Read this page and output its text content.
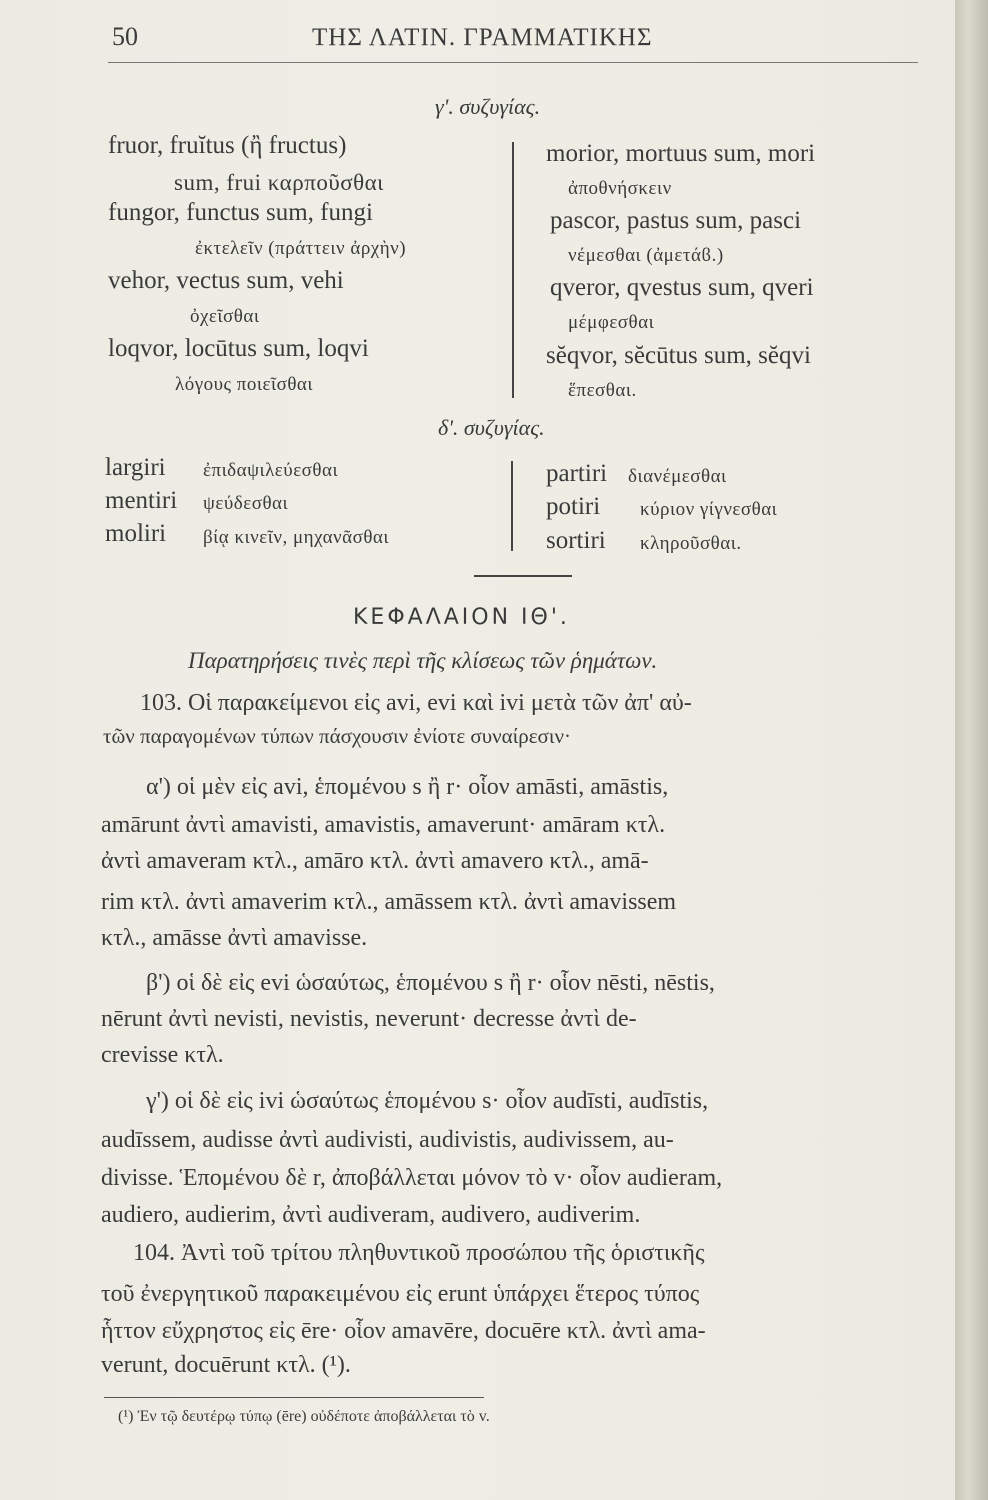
50	ΤΗΣ ΛΑΤΙΝ. ΓΡΑΜΜΑΤΙΚΗΣ
γ'. συζυγίας.
fruor, fruĭtus (ἢ fructus)
sum, frui καρποῦσθαι
fungor, functus sum, fungi
ἐκτελεῖν (πράττειν ἀρχὴν)
vehor, vectus sum, vehi
ὀχεῖσθαι
loqvor, locūtus sum, loqvi
λόγους ποιεῖσθαι
morior, mortuus sum, mori
ἀποθνήσκειν
pascor, pastus sum, pasci
νέμεσθαι (ἀμετάϐ.)
qveror, qvestus sum, qveri
μέμφεσθαι
sĕqvor, sĕcūtus sum, sĕqvi
ἕπεσθαι.
δ'. συζυγίας.
largiri ἐπιδαψιλεύεσθαι
mentiri ψεύδεσθαι
moliri βίᾳ κινεῖν, μηχανᾶσθαι
partiri διανέμεσθαι
potiri κύριον γίγνεσθαι
sortiri κληροῦσθαι.
ΚΕΦΑΛΑΙΟΝ ΙΘ'.
Παρατηρήσεις τινὲς περὶ τῆς κλίσεως τῶν ῥημάτων.
103. Οἱ παρακείμενοι εἰς avi, evi καὶ ivi μετὰ τῶν ἀπ' αὐ-
τῶν παραγομένων τύπων πάσχουσιν ἐνίοτε συναίρεσιν·
α') οἱ μὲν εἰς avi, ἑπομένου s ἢ r· οἷον amāsti, amāstis,
amārunt ἀντὶ amavisti, amavistis, amaverunt· amāram κτλ.
ἀντὶ amaveram κτλ., amāro κτλ. ἀντὶ amavero κτλ., amā-
rim κτλ. ἀντὶ amaverim κτλ., amāssem κτλ. ἀντὶ amavissem
κτλ., amāsse ἀντὶ amavisse.
β') οἱ δὲ εἰς evi ὡσαύτως, ἑπομένου s ἢ r· οἷον nēsti, nēstis,
nērunt ἀντὶ nevisti, nevistis, neverunt· decresse ἀντὶ de-
crevisse κτλ.
γ') οἱ δὲ εἰς ivi ὡσαύτως ἑπομένου s· οἷον audīsti, audīstis,
audīssem, audisse ἀντὶ audivisti, audivistis, audivissem, au-
divisse. Ἑπομένου δὲ r, ἀποβάλλεται μόνον τὸ v· οἷον audieram,
audiero, audierim, ἀντὶ audiveram, audivero, audiverim.
104. Ἀντὶ τοῦ τρίτου πληθυντικοῦ προσώπου τῆς ὁριστικῆς
τοῦ ἐνεργητικοῦ παρακειμένου εἰς erunt ὑπάρχει ἕτερος τύπος
ἧττον εὔχρηστος εἰς ēre· οἷον amavēre, docuēre κτλ. ἀντὶ ama-
verunt, docuērunt κτλ. (¹).
(¹) Ἐν τῷ δευτέρῳ τύπῳ (ēre) οὐδέποτε ἀποβάλλεται τὸ v.
